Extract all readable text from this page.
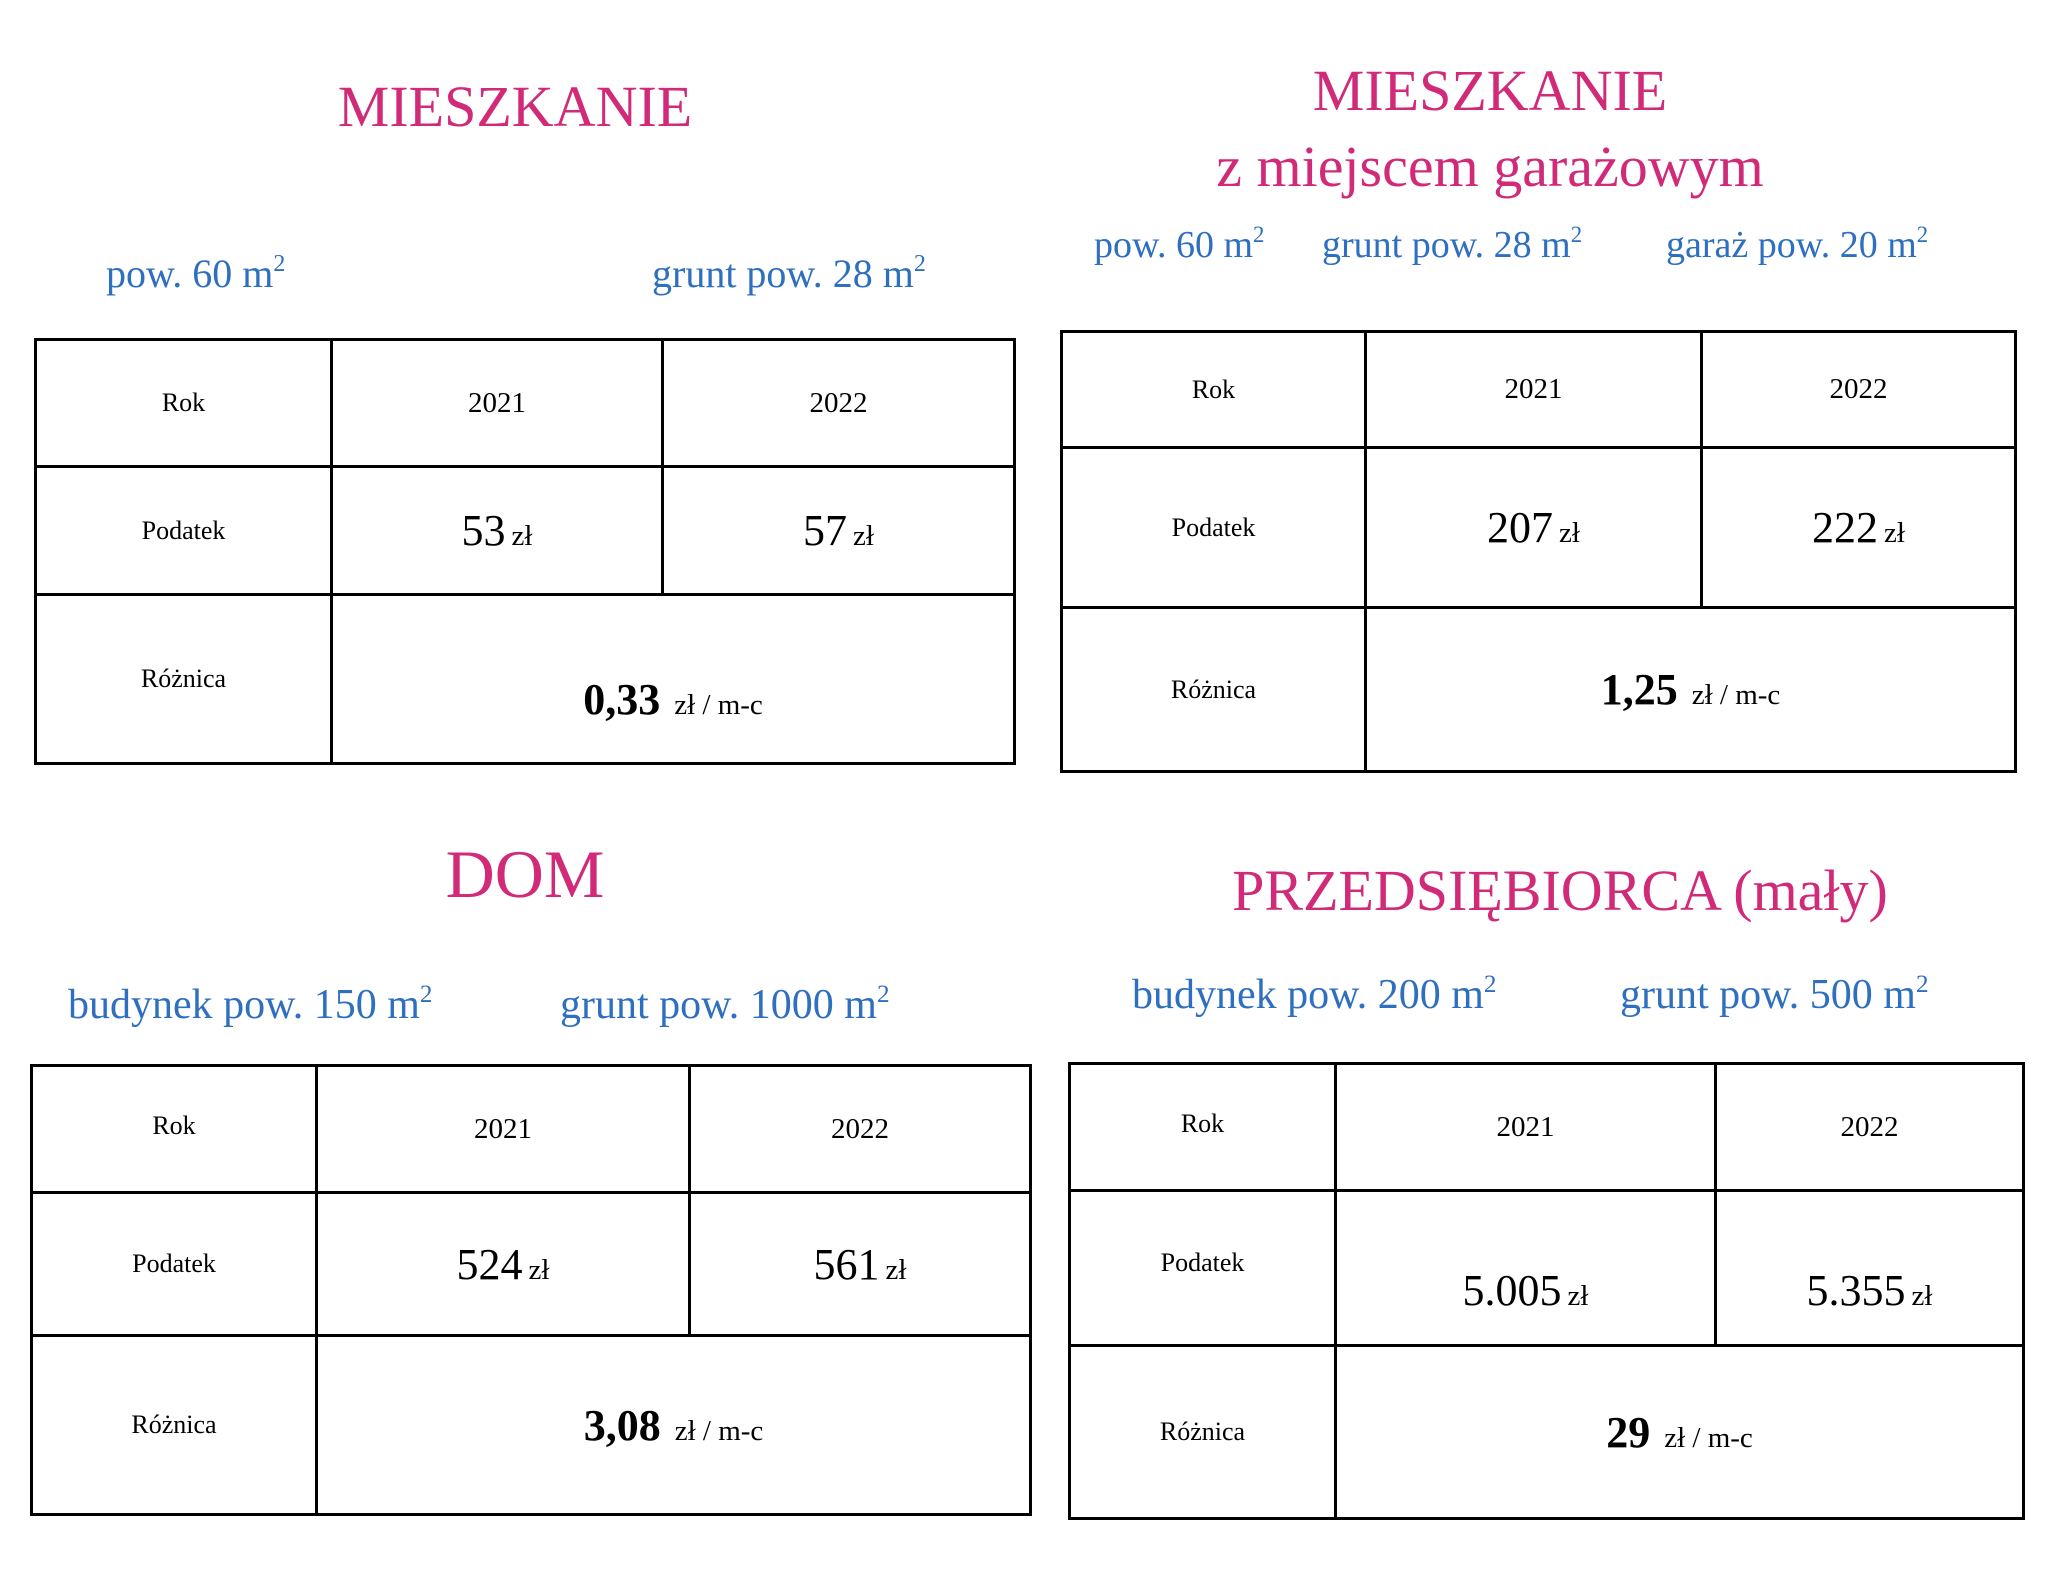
MIESZKANIE
pow. 60 $m^2$	grunt pow. 28 $m^2$
Rok	2021	2022
Podatek	53 zł	57 zł
Różnica	0,33 zł / m-c	
MIESZKANIE
z miejscem garażowym
pow. 60 $m^2$ grunt pow. 28 $m^2$ garaż pow. 20 $m^2$
Rok	2021	2022
Podatek	207 zł	222 zł
Różnica	1,25 zł / m-c	
DOM
budynek pow. 150 $m^2$	grunt pow. 1000 $m^2$
Rok	2021	2022
Podatek	524 zł	561 zł
Różnica	3,08 zł / m-c	
PRZEDSIĘBIORCA (mały)
budynek pow. 200 $m^2$	grunt pow. 500 $m^2$
Rok	2021	2022
Podatek	5.005 zł	5.355 zł
Różnica	29 zł / m-c	
